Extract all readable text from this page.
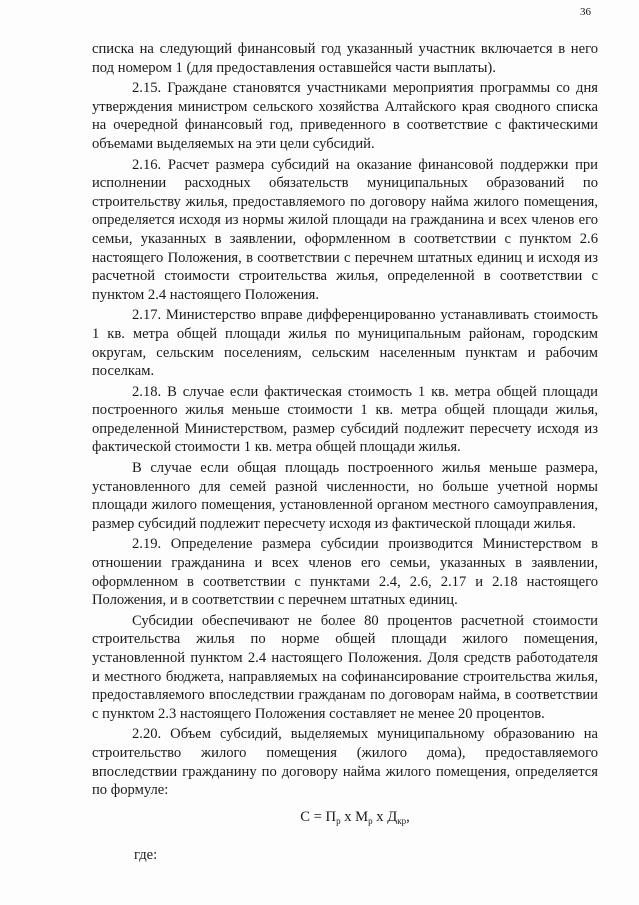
36

списка на следующий финансовый год указанный участник включается в него под номером 1 (для предоставления оставшейся части выплаты).

2.15. Граждане становятся участниками мероприятия программы со дня утверждения министром сельского хозяйства Алтайского края сводного списка на очередной финансовый год, приведенного в соответствие с фактическими объемами выделяемых на эти цели субсидий.

2.16. Расчет размера субсидий на оказание финансовой поддержки при исполнении расходных обязательств муниципальных образований по строительству жилья, предоставляемого по договору найма жилого помещения, определяется исходя из нормы жилой площади на гражданина и всех членов его семьи, указанных в заявлении, оформленном в соответствии с пунктом 2.6 настоящего Положения, в соответствии с перечнем штатных единиц и исходя из расчетной стоимости строительства жилья, определенной в соответствии с пунктом 2.4 настоящего Положения.

2.17. Министерство вправе дифференцированно устанавливать стоимость 1 кв. метра общей площади жилья по муниципальным районам, городским округам, сельским поселениям, сельским населенным пунктам и рабочим поселкам.

2.18. В случае если фактическая стоимость 1 кв. метра общей площади построенного жилья меньше стоимости 1 кв. метра общей площади жилья, определенной Министерством, размер субсидий подлежит пересчету исходя из фактической стоимости 1 кв. метра общей площади жилья.

В случае если общая площадь построенного жилья меньше размера, установленного для семей разной численности, но больше учетной нормы площади жилого помещения, установленной органом местного самоуправления, размер субсидий подлежит пересчету исходя из фактической площади жилья.

2.19. Определение размера субсидии производится Министерством в отношении гражданина и всех членов его семьи, указанных в заявлении, оформленном в соответствии с пунктами 2.4, 2.6, 2.17 и 2.18 настоящего Положения, и в соответствии с перечнем штатных единиц.

Субсидии обеспечивают не более 80 процентов расчетной стоимости строительства жилья по норме общей площади жилого помещения, установленной пунктом 2.4 настоящего Положения. Доля средств работодателя и местного бюджета, направляемых на софинансирование строительства жилья, предоставляемого впоследствии гражданам по договорам найма, в соответствии с пунктом 2.3 настоящего Положения составляет не менее 20 процентов.

2.20. Объем субсидий, выделяемых муниципальному образованию на строительство жилого помещения (жилого дома), предоставляемого впоследствии гражданину по договору найма жилого помещения, определяется по формуле:

$С = П_р$ х $М_р$ х $Д_{кр}$,
где:
